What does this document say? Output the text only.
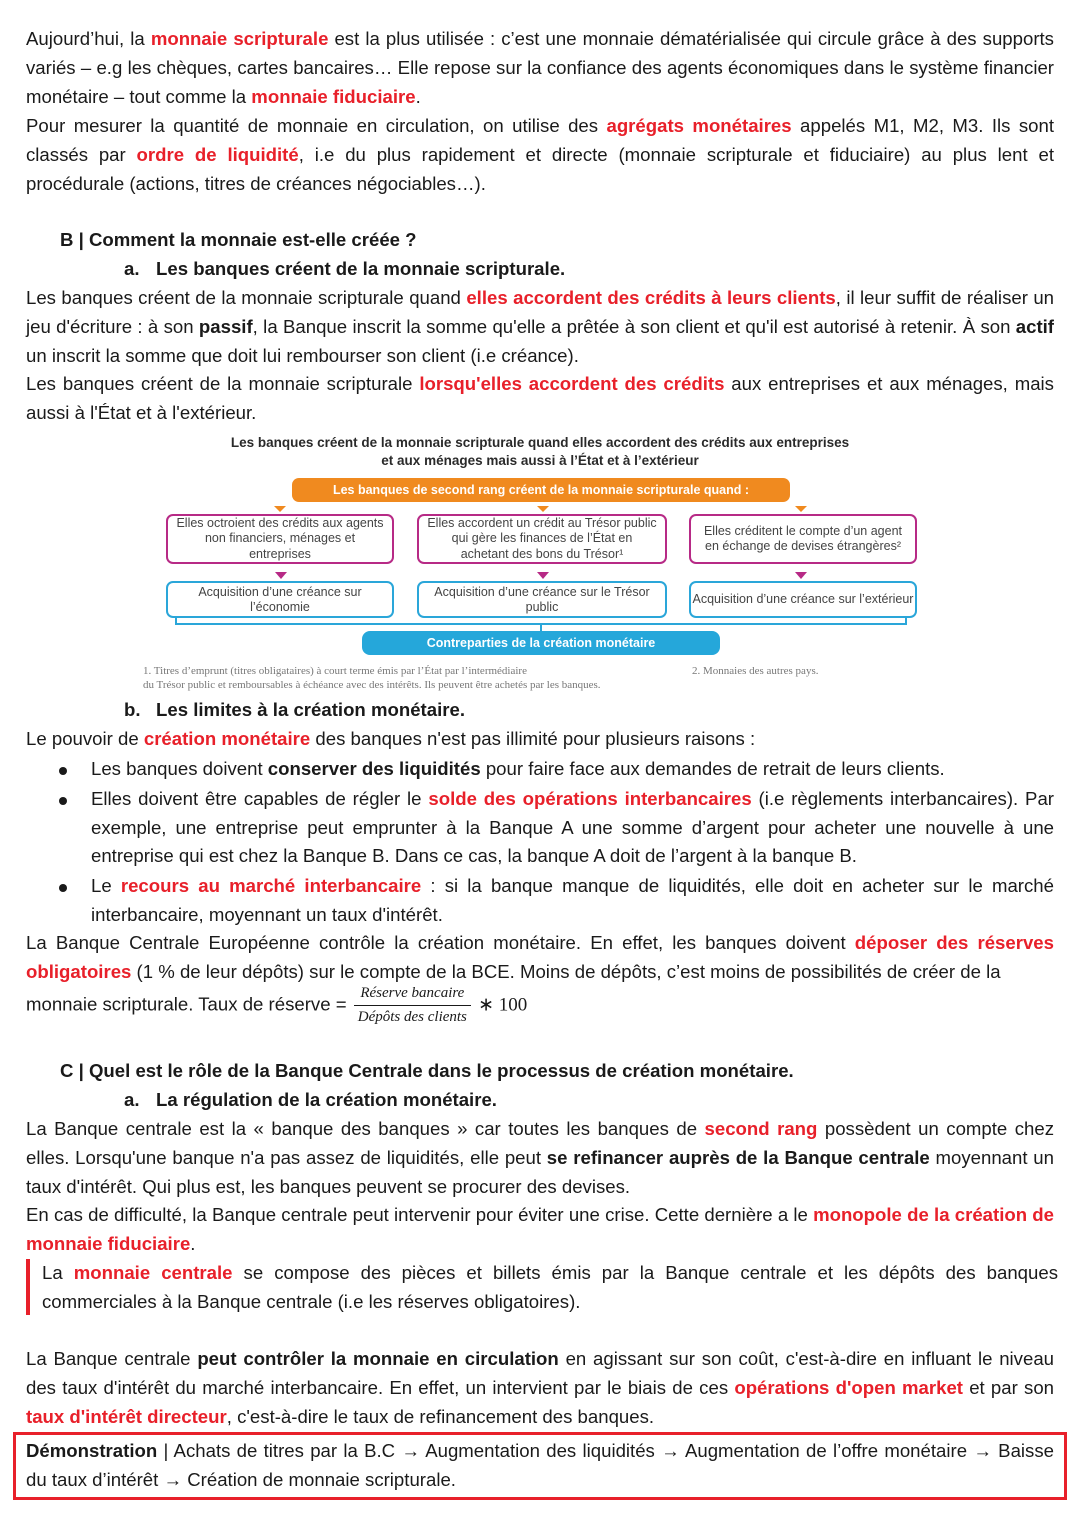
Aujourd’hui, la monnaie scripturale est la plus utilisée : c’est une monnaie dématérialisée qui circule grâce à des supports variés – e.g les chèques, cartes bancaires… Elle repose sur la confiance des agents économiques dans le système financier monétaire – tout comme la monnaie fiduciaire.

Pour mesurer la quantité de monnaie en circulation, on utilise des agrégats monétaires appelés M1, M2, M3. Ils sont classés par ordre de liquidité, i.e du plus rapidement et directe (monnaie scripturale et fiduciaire) au plus lent et procédurale (actions, titres de créances négociables…).

B | Comment la monnaie est-elle créée ?

a. Les banques créent de la monnaie scripturale.

Les banques créent de la monnaie scripturale quand elles accordent des crédits à leurs clients, il leur suffit de réaliser un jeu d'écriture : à son passif, la Banque inscrit la somme qu'elle a prêtée à son client et qu'il est autorisé à retenir. À son actif un inscrit la somme que doit lui rembourser son client (i.e créance).

Les banques créent de la monnaie scripturale lorsqu'elles accordent des crédits aux entreprises et aux ménages, mais aussi à l'État et à l'extérieur.

Les banques créent de la monnaie scripturale quand elles accordent des crédits aux entreprises
et aux ménages mais aussi à l’État et à l’extérieur
Les banques de second rang créent de la monnaie scripturale quand :
Elles octroient des crédits aux agents non financiers, ménages et entreprises
Elles accordent un crédit au Trésor public qui gère les finances de l’État en achetant des bons du Trésor¹
Elles créditent le compte d’un agent en échange de devises étrangères²
Acquisition d’une créance sur l’économie
Acquisition d’une créance sur le Trésor public
Acquisition d’une créance sur l’extérieur
Contreparties de la création monétaire
1. Titres d’emprunt (titres obligataires) à court terme émis par l’État par l’intermédiaire
du Trésor public et remboursables à échéance avec des intérêts. Ils peuvent être achetés par les banques.
2. Monnaies des autres pays.

b. Les limites à la création monétaire.

Le pouvoir de création monétaire des banques n'est pas illimité pour plusieurs raisons :

Les banques doivent conserver des liquidités pour faire face aux demandes de retrait de leurs clients.
Elles doivent être capables de régler le solde des opérations interbancaires (i.e règlements interbancaires). Par exemple, une entreprise peut emprunter à la Banque A une somme d’argent pour acheter une nouvelle à une entreprise qui est chez la Banque B. Dans ce cas, la banque A doit de l’argent à la banque B.
Le recours au marché interbancaire : si la banque manque de liquidités, elle doit en acheter sur le marché interbancaire, moyennant un taux d'intérêt.

La Banque Centrale Européenne contrôle la création monétaire. En effet, les banques doivent déposer des réserves obligatoires (1 % de leur dépôts) sur le compte de la BCE. Moins de dépôts, c’est moins de possibilités de créer de la

monnaie scripturale. Taux de réserve = $\frac{\text{Réserve bancaire}}{\text{Dépôts des clients}}$ ∗ 100

C | Quel est le rôle de la Banque Centrale dans le processus de création monétaire.

a. La régulation de la création monétaire.

La Banque centrale est la « banque des banques » car toutes les banques de second rang possèdent un compte chez elles. Lorsqu'une banque n'a pas assez de liquidités, elle peut se refinancer auprès de la Banque centrale moyennant un taux d'intérêt. Qui plus est, les banques peuvent se procurer des devises.

En cas de difficulté, la Banque centrale peut intervenir pour éviter une crise. Cette dernière a le monopole de la création de monnaie fiduciaire.

La monnaie centrale se compose des pièces et billets émis par la Banque centrale et les dépôts des banques commerciales à la Banque centrale (i.e les réserves obligatoires).

La Banque centrale peut contrôler la monnaie en circulation en agissant sur son coût, c'est-à-dire en influant le niveau des taux d'intérêt du marché interbancaire. En effet, un intervient par le biais de ces opérations d'open market et par son taux d'intérêt directeur, c'est-à-dire le taux de refinancement des banques.

Démonstration | Achats de titres par la B.C → Augmentation des liquidités → Augmentation de l’offre monétaire → Baisse du taux d’intérêt → Création de monnaie scripturale.
